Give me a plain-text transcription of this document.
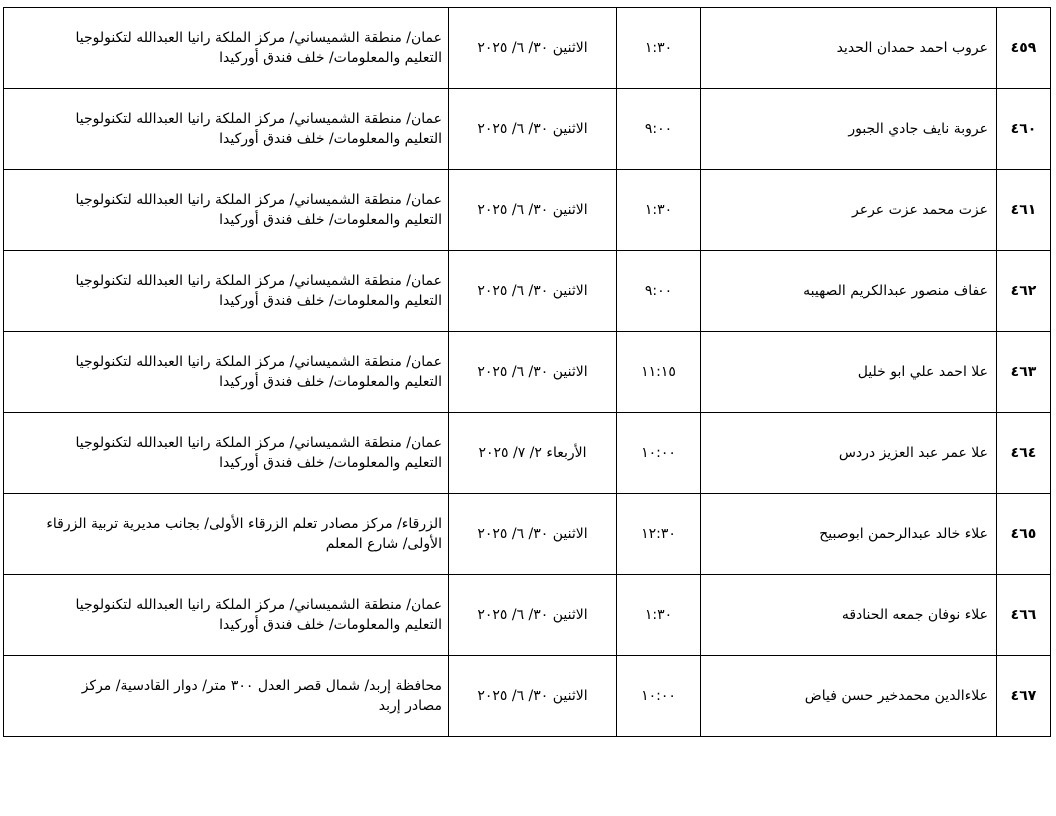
٤٥٩	عروب احمد حمدان الحديد	١:٣٠	الاثنين ٣٠/ ٦/ ٢٠٢٥	عمان/ منطقة الشميساني/ مركز الملكة رانيا العبدالله لتكنولوجيا
التعليم والمعلومات/ خلف فندق أوركيدا

٤٦٠	عروبة نايف جادي الجبور	٩:٠٠	الاثنين ٣٠/ ٦/ ٢٠٢٥	عمان/ منطقة الشميساني/ مركز الملكة رانيا العبدالله لتكنولوجيا
التعليم والمعلومات/ خلف فندق أوركيدا

٤٦١	عزت محمد عزت عرعر	١:٣٠	الاثنين ٣٠/ ٦/ ٢٠٢٥	عمان/ منطقة الشميساني/ مركز الملكة رانيا العبدالله لتكنولوجيا
التعليم والمعلومات/ خلف فندق أوركيدا

٤٦٢	عفاف منصور عبدالكريم الصهيبه	٩:٠٠	الاثنين ٣٠/ ٦/ ٢٠٢٥	عمان/ منطقة الشميساني/ مركز الملكة رانيا العبدالله لتكنولوجيا
التعليم والمعلومات/ خلف فندق أوركيدا

٤٦٣	علا احمد علي ابو خليل	١١:١٥	الاثنين ٣٠/ ٦/ ٢٠٢٥	عمان/ منطقة الشميساني/ مركز الملكة رانيا العبدالله لتكنولوجيا
التعليم والمعلومات/ خلف فندق أوركيدا

٤٦٤	علا عمر عبد العزيز دردس	١٠:٠٠	الأربعاء ٢/ ٧/ ٢٠٢٥	عمان/ منطقة الشميساني/ مركز الملكة رانيا العبدالله لتكنولوجيا
التعليم والمعلومات/ خلف فندق أوركيدا

٤٦٥	علاء خالد عبدالرحمن ابوصبيح	١٢:٣٠	الاثنين ٣٠/ ٦/ ٢٠٢٥	الزرقاء/ مركز مصادر تعلم الزرقاء الأولى/ بجانب مديرية تربية الزرقاء
الأولى/ شارع المعلم

٤٦٦	علاء نوفان جمعه الحنادقه	١:٣٠	الاثنين ٣٠/ ٦/ ٢٠٢٥	عمان/ منطقة الشميساني/ مركز الملكة رانيا العبدالله لتكنولوجيا
التعليم والمعلومات/ خلف فندق أوركيدا

٤٦٧	علاءالدين محمدخير حسن فياض	١٠:٠٠	الاثنين ٣٠/ ٦/ ٢٠٢٥	محافظة إربد/ شمال قصر العدل ٣٠٠ متر/ دوار القادسية/ مركز
مصادر إربد
